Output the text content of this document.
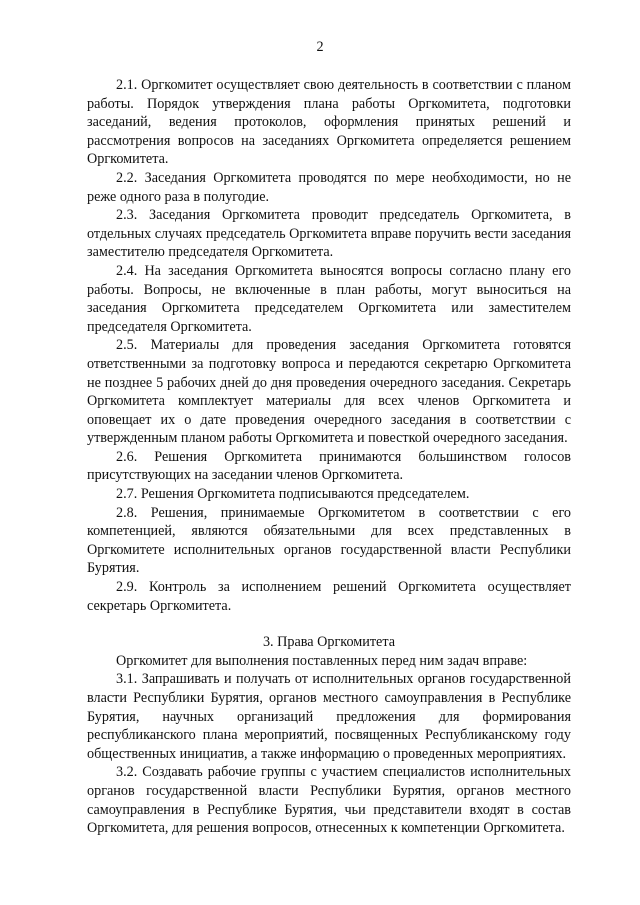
2

2.1. Оргкомитет осуществляет свою деятельность в соответствии с планом работы. Порядок утверждения плана работы Оргкомитета, подготовки заседаний, ведения протоколов, оформления принятых решений и рассмотрения вопросов на заседаниях Оргкомитета определяется решением Оргкомитета.

2.2. Заседания Оргкомитета проводятся по мере необходимости, но не реже одного раза в полугодие.

2.3. Заседания Оргкомитета проводит председатель Оргкомитета, в отдельных случаях председатель Оргкомитета вправе поручить вести заседания заместителю председателя Оргкомитета.

2.4. На заседания Оргкомитета выносятся вопросы согласно плану его работы. Вопросы, не включенные в план работы, могут выноситься на заседания Оргкомитета председателем Оргкомитета или заместителем председателя Оргкомитета.

2.5. Материалы для проведения заседания Оргкомитета готовятся ответственными за подготовку вопроса и передаются секретарю Оргкомитета не позднее 5 рабочих дней до дня проведения очередного заседания. Секретарь Оргкомитета комплектует материалы для всех членов Оргкомитета и оповещает их о дате проведения очередного заседания в соответствии с утвержденным планом работы Оргкомитета и повесткой очередного заседания.

2.6. Решения Оргкомитета принимаются большинством голосов присутствующих на заседании членов Оргкомитета.

2.7. Решения Оргкомитета подписываются председателем.

2.8. Решения, принимаемые Оргкомитетом в соответствии с его компетенцией, являются обязательными для всех представленных в Оргкомитете исполнительных органов государственной власти Республики Бурятия.

2.9. Контроль за исполнением решений Оргкомитета осуществляет секретарь Оргкомитета.

3. Права Оргкомитета

Оргкомитет для выполнения поставленных перед ним задач вправе:

3.1. Запрашивать и получать от исполнительных органов государственной власти Республики Бурятия, органов местного самоуправления в Республике Бурятия, научных организаций предложения для формирования республиканского плана мероприятий, посвященных Республиканскому году общественных инициатив, а также информацию о проведенных мероприятиях.

3.2. Создавать рабочие группы с участием специалистов исполнительных органов государственной власти Республики Бурятия, органов местного самоуправления в Республике Бурятия, чьи представители входят в состав Оргкомитета, для решения вопросов, отнесенных к компетенции Оргкомитета.
